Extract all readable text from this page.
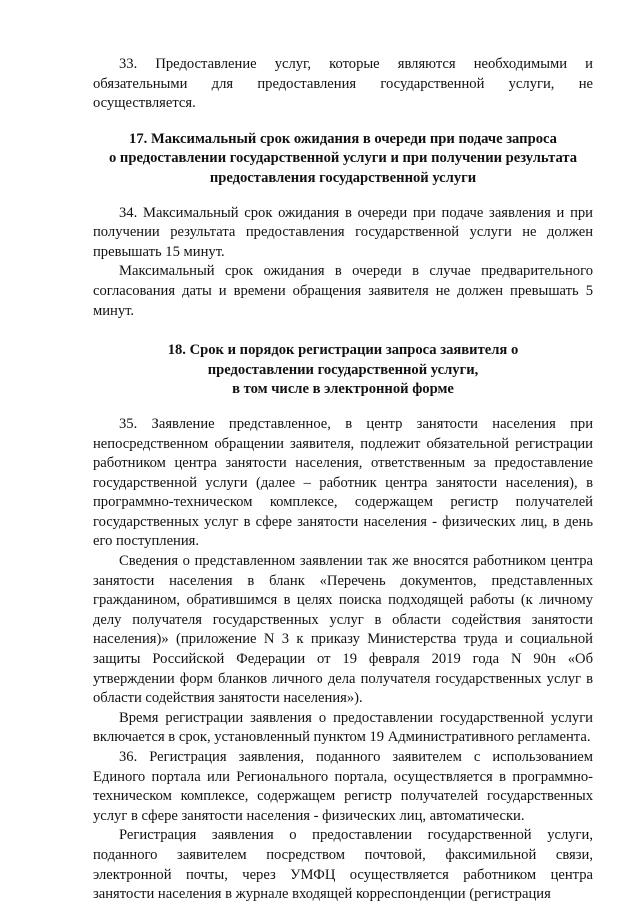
33. Предоставление услуг, которые являются необходимыми и обязательными для предоставления государственной услуги, не осуществляется.

17. Максимальный срок ожидания в очереди при подаче запроса
о предоставлении государственной услуги и при получении результата
предоставления государственной услуги

34. Максимальный срок ожидания в очереди при подаче заявления и при получении результата предоставления государственной услуги не должен превышать 15 минут.

Максимальный срок ожидания в очереди в случае предварительного согласования даты и времени обращения заявителя не должен превышать 5 минут.

18. Срок и порядок регистрации запроса заявителя о
предоставлении государственной услуги,
в том числе в электронной форме

35. Заявление представленное, в центр занятости населения при непосредственном обращении заявителя, подлежит обязательной регистрации работником центра занятости населения, ответственным за предоставление государственной услуги (далее – работник центра занятости населения), в программно-техническом комплексе, содержащем регистр получателей государственных услуг в сфере занятости населения - физических лиц, в день его поступления.

Сведения о представленном заявлении так же вносятся работником центра занятости населения в бланк «Перечень документов, представленных гражданином, обратившимся в целях поиска подходящей работы (к личному делу получателя государственных услуг в области содействия занятости населения)» (приложение N 3 к приказу Министерства труда и социальной защиты Российской Федерации от 19 февраля 2019 года N 90н «Об утверждении форм бланков личного дела получателя государственных услуг в области содействия занятости населения»).

Время регистрации заявления о предоставлении государственной услуги включается в срок, установленный пунктом 19 Административного регламента.

36. Регистрация заявления, поданного заявителем с использованием Единого портала или Регионального портала, осуществляется в программно-техническом комплексе, содержащем регистр получателей государственных услуг в сфере занятости населения - физических лиц, автоматически.

Регистрация заявления о предоставлении государственной услуги, поданного заявителем посредством почтовой, факсимильной связи, электронной почты, через УМФЦ осуществляется работником центра занятости населения в журнале входящей корреспонденции (регистрация
